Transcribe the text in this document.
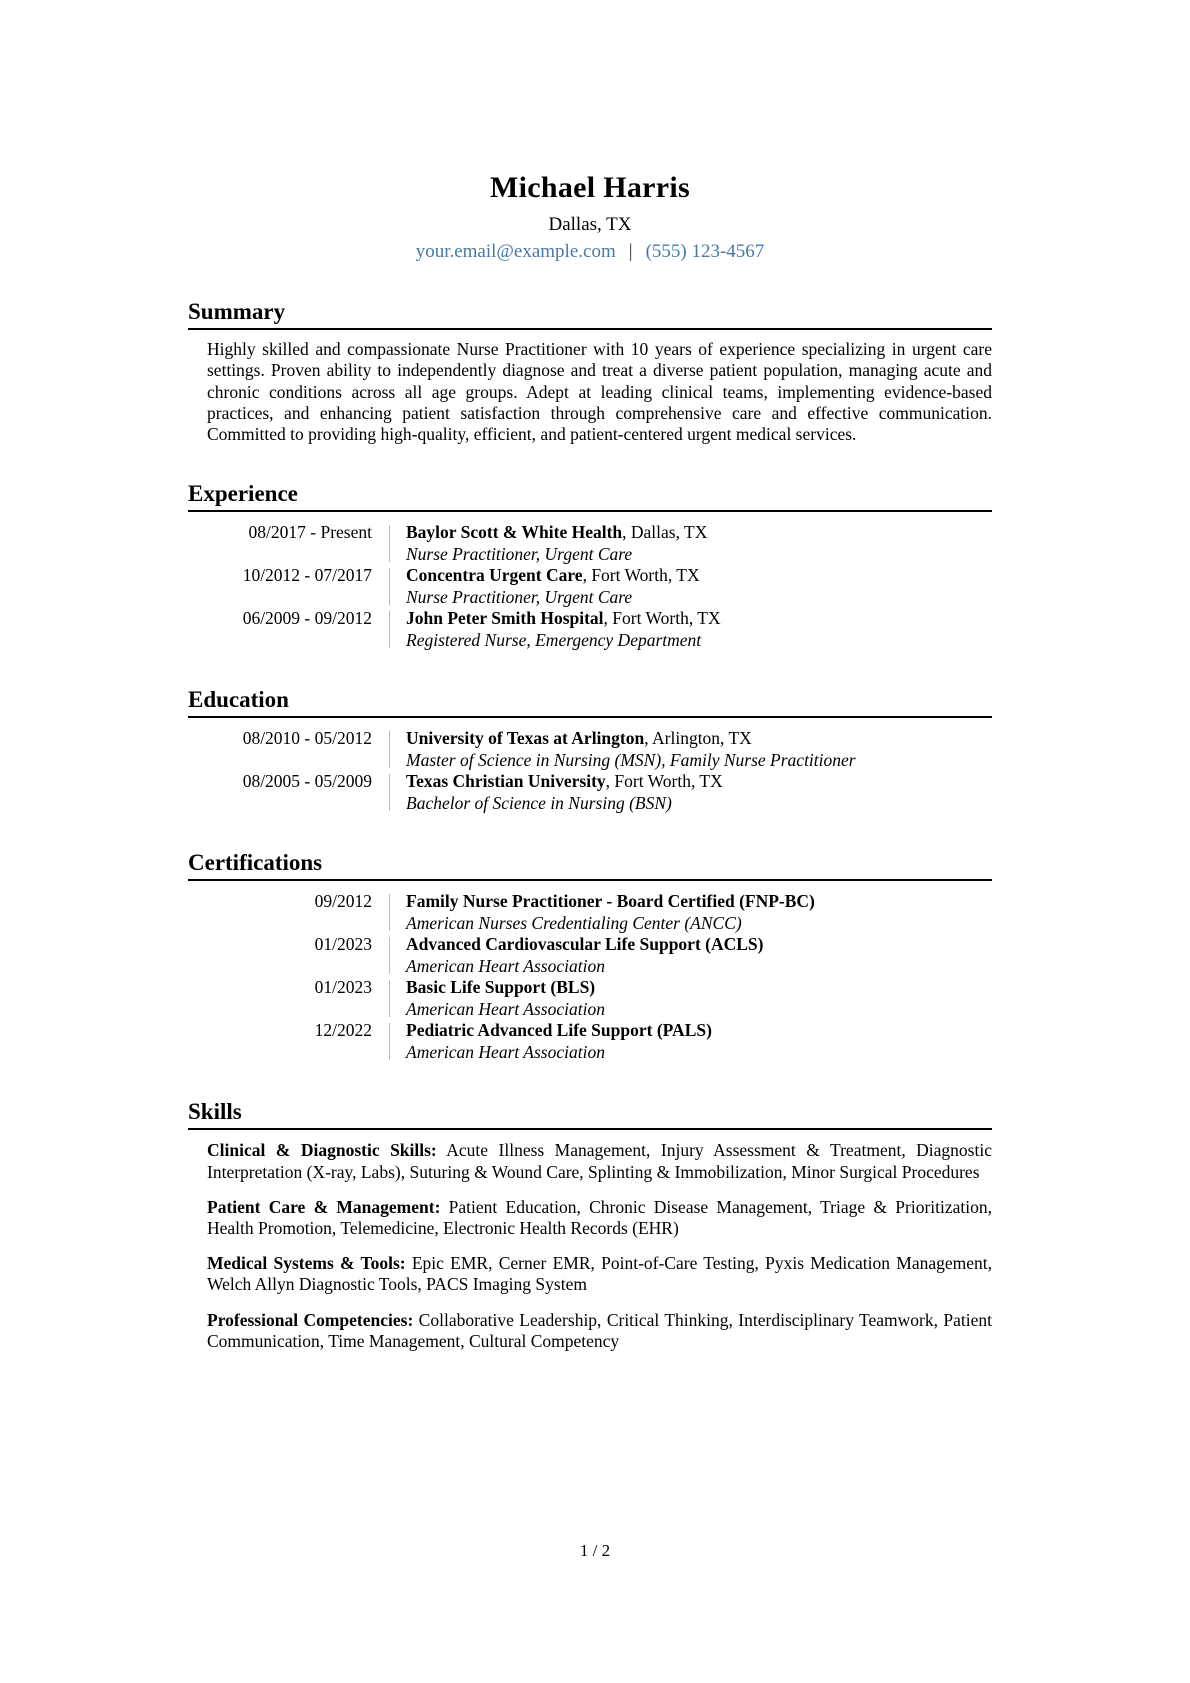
Michael Harris
Dallas, TX
your.email@example.com | (555) 123-4567
Summary

Highly skilled and compassionate Nurse Practitioner with 10 years of experience specializing in urgent care settings. Proven ability to independently diagnose and treat a diverse patient population, managing acute and chronic conditions across all age groups. Adept at leading clinical teams, implementing evidence-based practices, and enhancing patient satisfaction through comprehensive care and effective communication. Committed to providing high-quality, efficient, and patient-centered urgent medical services.

Experience
08/2017 - Present Baylor Scott & White Health, Dallas, TX
Nurse Practitioner, Urgent Care
10/2012 - 07/2017 Concentra Urgent Care, Fort Worth, TX
Nurse Practitioner, Urgent Care
06/2009 - 09/2012 John Peter Smith Hospital, Fort Worth, TX
Registered Nurse, Emergency Department
Education
08/2010 - 05/2012 University of Texas at Arlington, Arlington, TX
Master of Science in Nursing (MSN), Family Nurse Practitioner
08/2005 - 05/2009 Texas Christian University, Fort Worth, TX
Bachelor of Science in Nursing (BSN)
Certifications
09/2012 Family Nurse Practitioner - Board Certified (FNP-BC)
American Nurses Credentialing Center (ANCC)
01/2023 Advanced Cardiovascular Life Support (ACLS)
American Heart Association
01/2023 Basic Life Support (BLS)
American Heart Association
12/2022 Pediatric Advanced Life Support (PALS)
American Heart Association
Skills

Clinical & Diagnostic Skills: Acute Illness Management, Injury Assessment & Treatment, Diagnostic Interpretation (X-ray, Labs), Suturing & Wound Care, Splinting & Immobilization, Minor Surgical Procedures

Patient Care & Management: Patient Education, Chronic Disease Management, Triage & Prioritization, Health Promotion, Telemedicine, Electronic Health Records (EHR)

Medical Systems & Tools: Epic EMR, Cerner EMR, Point-of-Care Testing, Pyxis Medication Management, Welch Allyn Diagnostic Tools, PACS Imaging System

Professional Competencies: Collaborative Leadership, Critical Thinking, Interdisciplinary Teamwork, Patient Communication, Time Management, Cultural Competency

1 / 2
